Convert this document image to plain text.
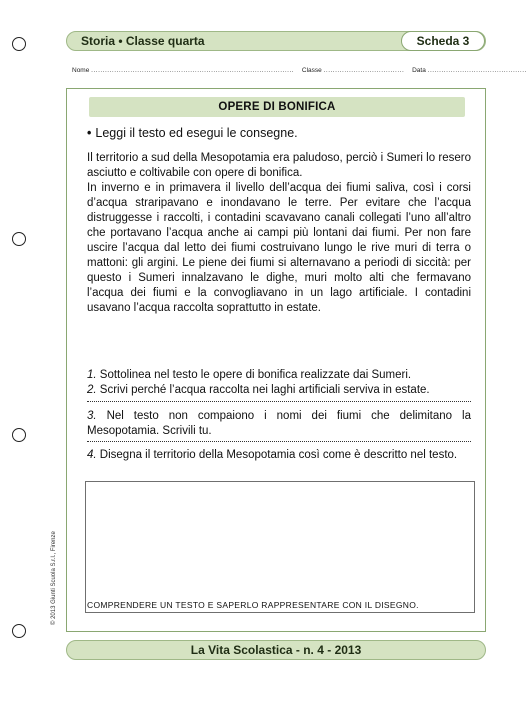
Storia • Classe quarta	Scheda 3
Nome ........................................................................................ Classe ................................... Data ...........................................
OPERE DI BONIFICA
• Leggi il testo ed esegui le consegne.

Il territorio a sud della Mesopotamia era paludoso, perciò i Sumeri lo resero asciutto e coltivabile con opere di bonifica.

In inverno e in primavera il livello dell’acqua dei fiumi saliva, così i corsi d’acqua straripavano e inondavano le terre. Per evitare che l’acqua distruggesse i raccolti, i contadini scavavano canali collegati l’uno all’altro che portavano l’acqua anche ai campi più lontani dai fiumi. Per non fare uscire l’acqua dal letto dei fiumi costruivano lungo le rive muri di terra o mattoni: gli argini. Le piene dei fiumi si alternavano a periodi di siccità: per questo i Sumeri innalzavano le dighe, muri molto alti che fermavano l’acqua dei fiumi e la convogliavano in un lago artificiale. I contadini usavano l’acqua raccolta soprattutto in estate.

1. Sottolinea nel testo le opere di bonifica realizzate dai Sumeri.
2. Scrivi perché l’acqua raccolta nei laghi artificiali serviva in estate.
3. Nel testo non compaiono i nomi dei fiumi che delimitano la Mesopotamia. Scrivili tu.
4. Disegna il territorio della Mesopotamia così come è descritto nel testo.
COMPRENDERE UN TESTO E SAPERLO RAPPRESENTARE CON IL DISEGNO.
© 2013 Giunti Scuola S.r.l., Firenze
La Vita Scolastica - n. 4 - 2013
